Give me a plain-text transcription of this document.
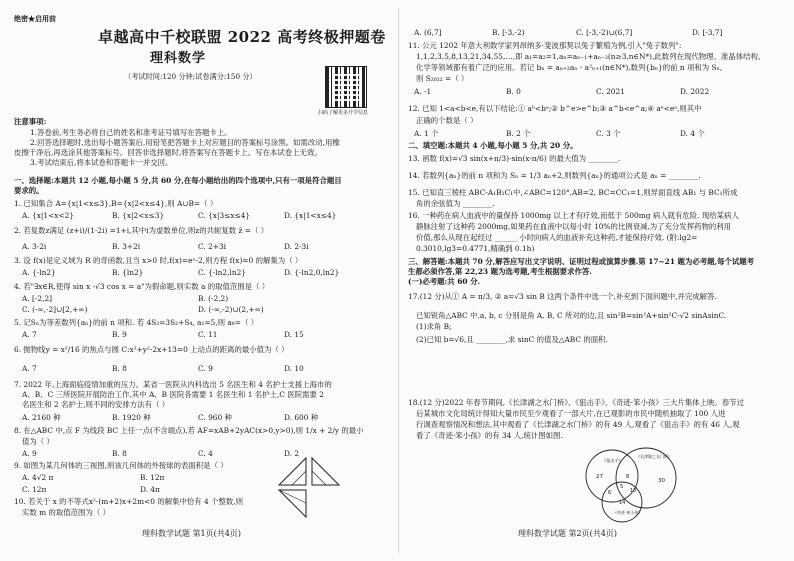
绝密★启用前
卓越高中千校联盟 2022 高考终极押题卷
理科数学
（考试时间:120 分钟;试卷满分:150 分）
扫码了解更多升学信息
注意事项:
1.答卷前,考生务必将自己的姓名和准考证号填写在答题卡上。
2.回答选择题时,选出每小题答案后,用铅笔把答题卡上对应题目的答案标号涂黑。如需改动,用橡
皮擦干净后,再选涂其他答案标号。回答非选择题时,将答案写在答题卡上。写在本试卷上无效。
3.考试结束后,将本试卷和答题卡一并交回。
一、选择题:本题共 12 小题,每小题 5 分,共 60 分,在每小题给出的四个选项中,只有一项是符合题目
要求的。
1. 已知集合 A={x|1<x≤3},B={x|2<x≤4},则 A∪B=（ ）
A. {x|1<x<2}	B. {x|2<x≤3}	C. {x|3≤x≤4}	D. {x|1<x≤4}
2. 若复数z满足 (z+i)/(1-2i) =1+i,其中i为虚数单位,则z的共轭复数 z̄ =（ ）
A. 3-2i	B. 3+2i	C. 2+3i	D. 2-3i
3. 设 f(x)是定义域为 R 的奇函数,且当 x>0 时,f(x)=eˣ-2,则方程 f(x)=0 的解集为（ ）
A. {-ln2}	B. {ln2}	C. {-ln2,ln2}	D. {-ln2,0,ln2}
4. 若"∃x∈R,使得 sin x -√3 cos x = a"为假命题,则实数 a 的取值范围是（ ）
A. [-2,2]	B. (-2,2)
C. (-∞,-2]∪[2,+∞)	D. (-∞,-2)∪(2,+∞)
5. 记Sₙ为等差数列{aₙ}的前 n 项和. 若 4S₃=3S₂+S₄, a₁=5,则 a₈=（ ）
A. 7	B. 9	C. 11	D. 15
6. 抛物线y = x²/16 的焦点与圆 C:x²+y²-2x+13=0 上动点的距离的最小值为（ ）
A. 7	B. 8	C. 9	D. 10
7. 2022 年,上海面临疫情加重的压力。某省一医院从内科选出 5 名医生和 4 名护士支援上海市的
A、B、C 三所医院开展防治工作,其中 A、B 医院各需要 1 名医生和 1 名护士,C 医院需要 2
名医生和 2 名护士,则不同的安排方法有（ ）
A. 2160 种	B. 1920 种	C. 960 种	D. 600 种
8. 在△ABC 中,点 F 为线段 BC 上任一点(不含端点),若 AF=xAB+2yAC(x>0,y>0),则 1/x + 2/y 的最小
值为（ ）
A. 9	B. 8	C. 4	D. 2
9. 如图为某几何体的三视图,则该几何体的外接球的表面积是（ ）
A. 4√2 π	B. 12π
C. 12π	D. 4π
10. 若关于 x 的不等式x²-(m+2)x+2m<0 的解集中恰有 4 个整数,则
实数 m 的取值范围为（ ）
理科数学试题 第1页(共4页)
A. (6,7]	B. [-3,-2)	C. [-3,-2)∪(6,7]	D. [-3,7]
11. 公元 1202 年意大利数学家列昂纳多·斐波那契以兔子繁殖为例,引入"兔子数列":
1,1,2,3,5,8,13,21,34,55,…,即 a₁=a₂=1,aₙ=aₙ₋₁+aₙ₋₂(n≥3,n∈N*),此数列在现代物理、准晶体结构、
化学等领域都有着广泛的应用。若记 bₙ = aₙ₊₂aₙ - a²ₙ₊₁(n∈N*),数列{bₙ}的前 n 项和为 Sₙ,
则 S₂₀₂₂ =（ ）
A. -1	B. 0	C. 2021	D. 2022
12. 已知 1<a<b<e,有以下结论:① aᵇ<bᵃ;② b^e>e^b;③ a^b<e^a;④ aᵉ<eᵃ,则其中
正确的个数是（ ）
A. 1 个	B. 2 个	C. 3 个	D. 4 个
二、填空题:本题共 4 小题,每小题 5 分,共 20 分。
13. 函数 f(x)=√3 sin(x+π/3)-sin(x-π/6) 的最大值为 ________.
14. 若数列{aₙ}的前 n 项和为 Sₙ = 1/3 aₙ+2,则数列{aₙ}的通项公式是 aₙ = ________.
15. 已知直三棱柱 ABC-A₁B₁C₁中,∠ABC=120°,AB=2, BC=CC₁=1,则异面直线 AB₁ 与 BC₁所成
角的余弦值为 ________.
16. 一种药在病人血液中的量保持 1000mg 以上才有疗效,而低于 500mg 病人就有危险. 现给某病人
静脉注射了这种药 2000mg,如果药在血液中以每小时 10%的比例衰减,为了充分发挥药物的利用
价值,那么从现在起经过 ______ 小时向病人的血液补充这种药,才能保持疗效. (附:lg2=
0.3010,lg3=0.4771,精确到 0.1h)
三、解答题:本题共 70 分,解答应写出文字说明、证明过程或演算步骤.第 17~21 题为必考题,每个试题考
生都必须作答,第 22,23 题为选考题,考生根据要求作答.
(一)必考题:共 60 分.
17.(12 分)从① A = π/3, ② a=√3 sin B 这两个条件中选一个,补充到下面问题中,并完成解答.
已知锐角△ABC 中,a, b, c 分别是角 A, B, C 所对的边,且 sin²B=sin²A+sin²C-√2 sinAsinC.
(1)求角 B;
(2)已知 b=√6,且 ________,求 sinC 的值及△ABC 的面积.
18.(12 分)2022 年春节期间,《长津湖之水门桥》、《狙击手》、《奇迹·笨小孩》三大片集体上映。春节过
后某城市文化局统计得知大量市民至少观看了一部大片,在已观影的市民中随机抽取了 100 人进
行调查观察情况和想法,其中观看了《长津湖之水门桥》的有 49 人,观看了《狙击手》的有 46 人,观
看了《奇迹·笨小孩》的有 34 人,统计图如图.
《狙击手》
《长津湖之水门桥》
《奇迹·笨小孩》
27
30
8
6	10
5
14
理科数学试题 第2页(共4页)
